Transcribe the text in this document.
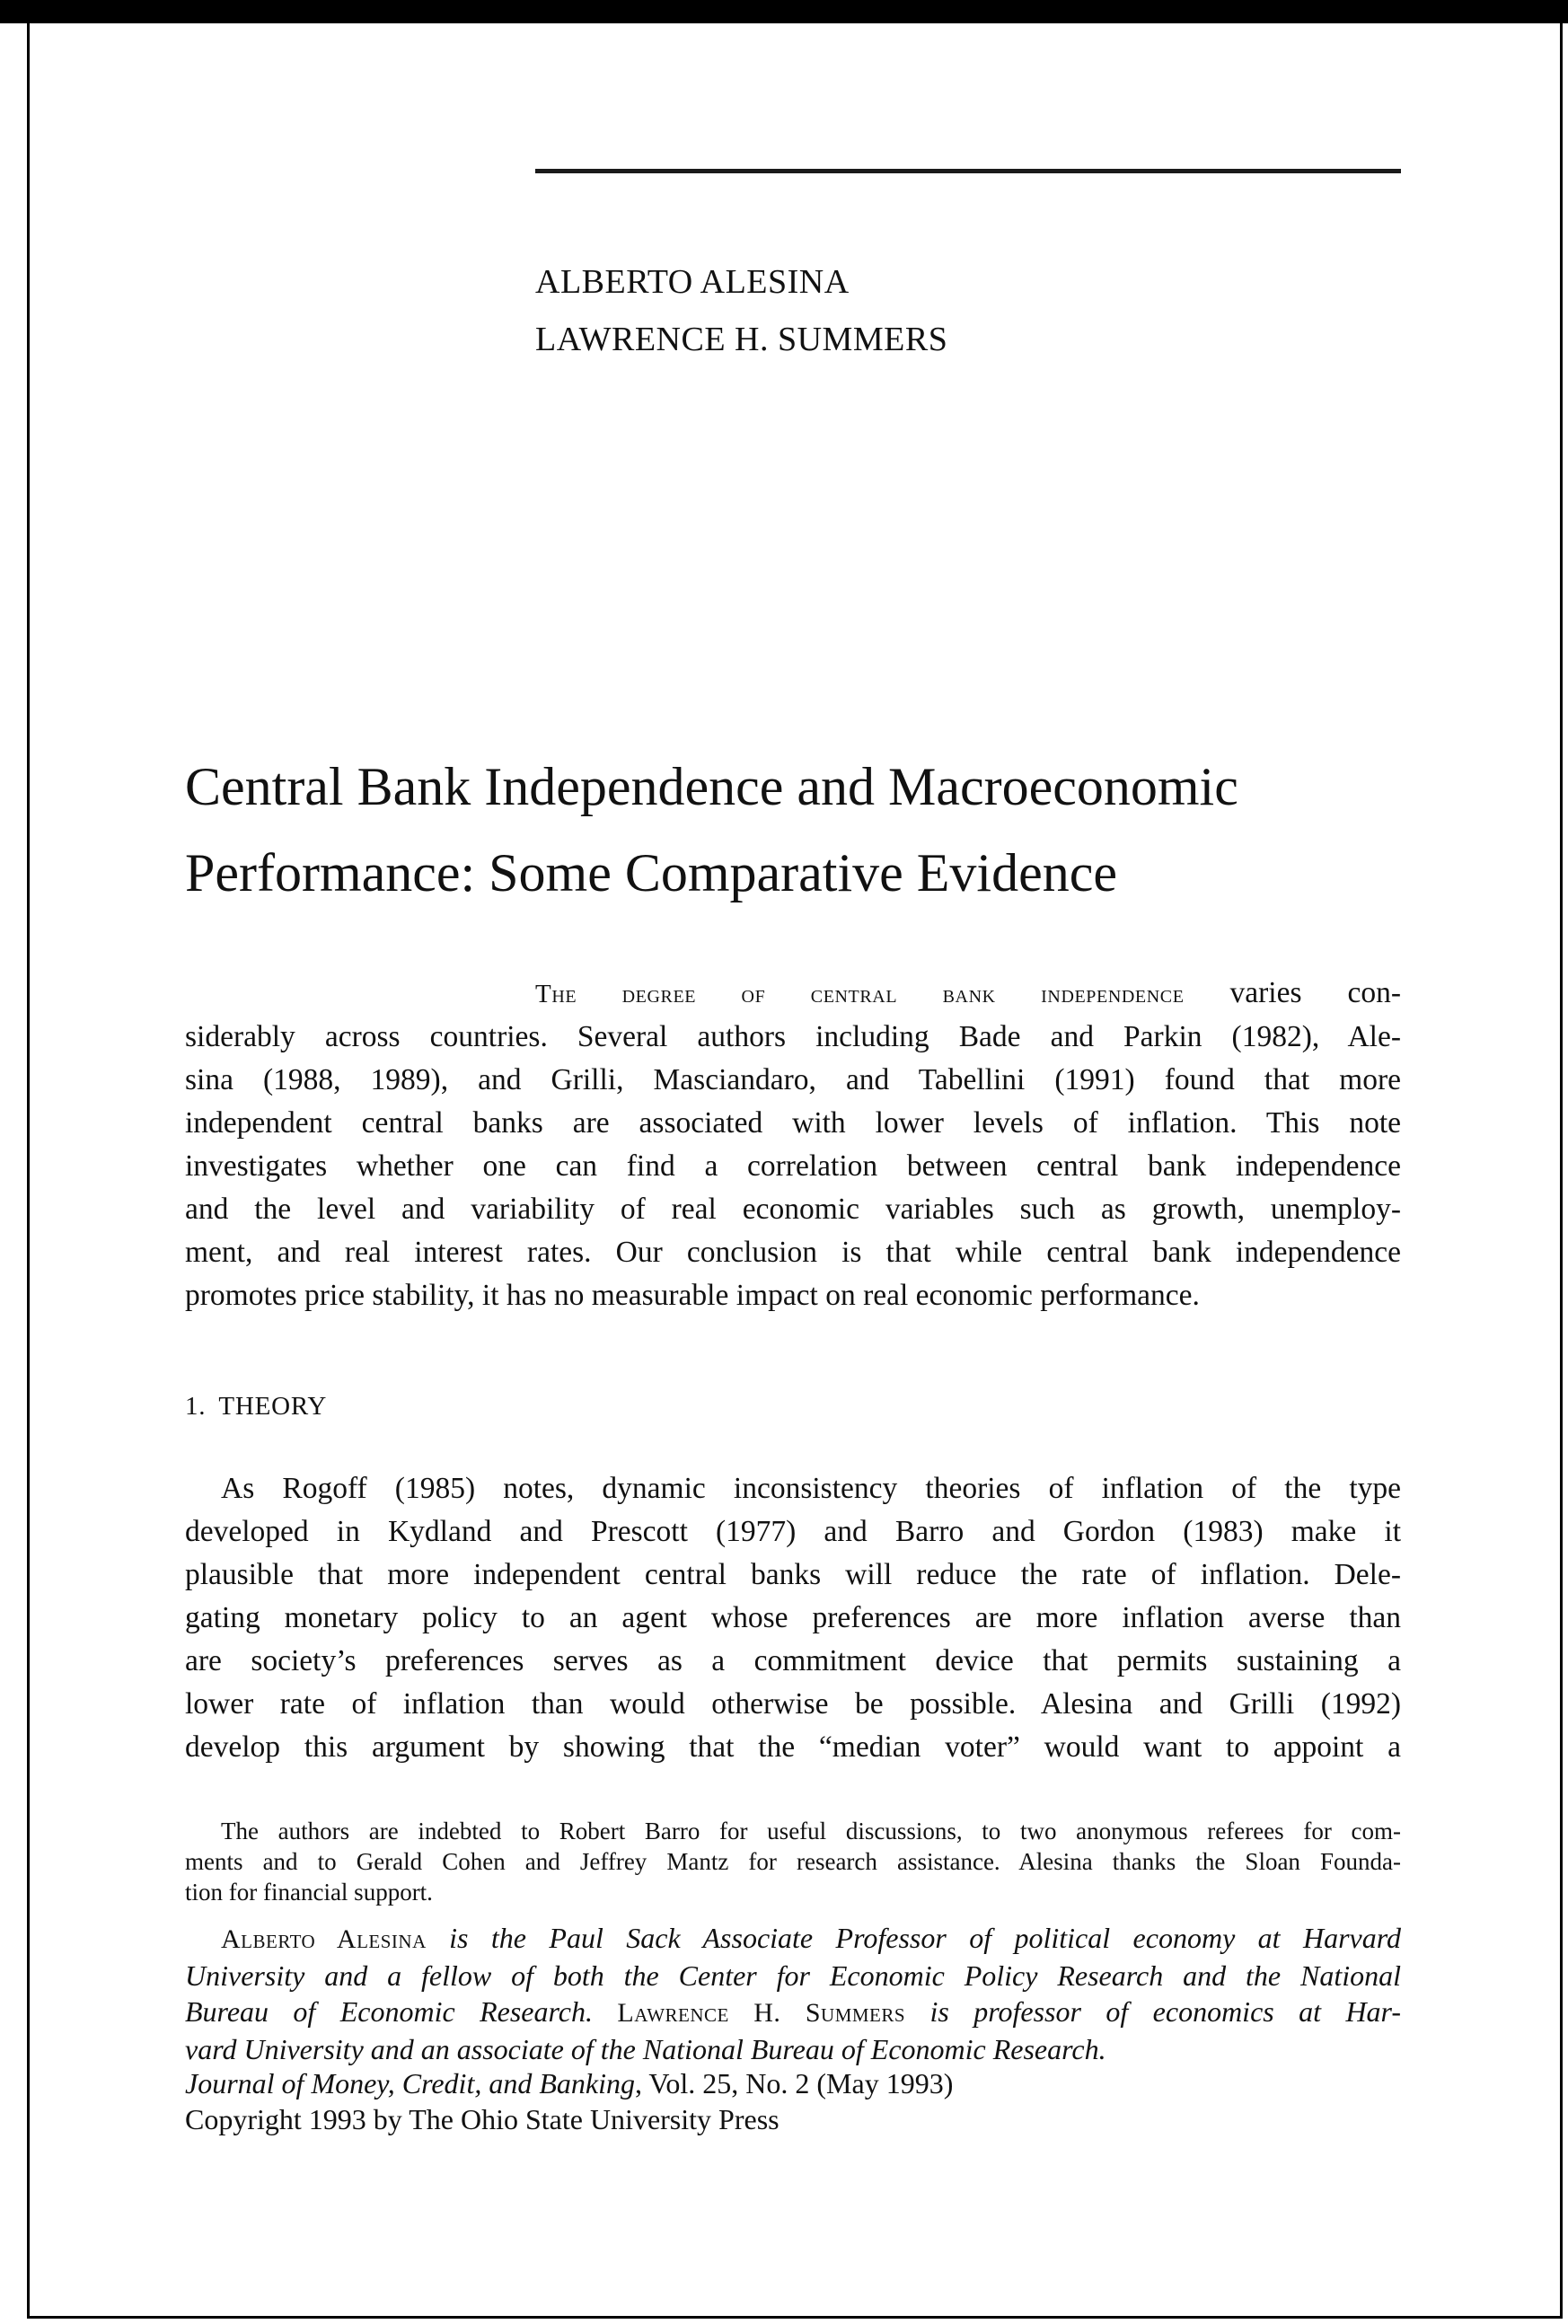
ALBERTO ALESINA
LAWRENCE H. SUMMERS
Central Bank Independence and Macroeconomic
Performance: Some Comparative Evidence
The degree of central bank independence varies con-
siderably across countries. Several authors including Bade and Parkin (1982), Ale-
sina (1988, 1989), and Grilli, Masciandaro, and Tabellini (1991) found that more
independent central banks are associated with lower levels of inflation. This note
investigates whether one can find a correlation between central bank independence
and the level and variability of real economic variables such as growth, unemploy-
ment, and real interest rates. Our conclusion is that while central bank independence
promotes price stability, it has no measurable impact on real economic performance.
1. THEORY
As Rogoff (1985) notes, dynamic inconsistency theories of inflation of the type
developed in Kydland and Prescott (1977) and Barro and Gordon (1983) make it
plausible that more independent central banks will reduce the rate of inflation. Dele-
gating monetary policy to an agent whose preferences are more inflation averse than
are society’s preferences serves as a commitment device that permits sustaining a
lower rate of inflation than would otherwise be possible. Alesina and Grilli (1992)
develop this argument by showing that the “median voter” would want to appoint a
The authors are indebted to Robert Barro for useful discussions, to two anonymous referees for com-
ments and to Gerald Cohen and Jeffrey Mantz for research assistance. Alesina thanks the Sloan Founda-
tion for financial support.
Alberto Alesina is the Paul Sack Associate Professor of political economy at Harvard
University and a fellow of both the Center for Economic Policy Research and the National
Bureau of Economic Research. Lawrence H. Summers is professor of economics at Har-
vard University and an associate of the National Bureau of Economic Research.
Journal of Money, Credit, and Banking, Vol. 25, No. 2 (May 1993)
Copyright 1993 by The Ohio State University Press
